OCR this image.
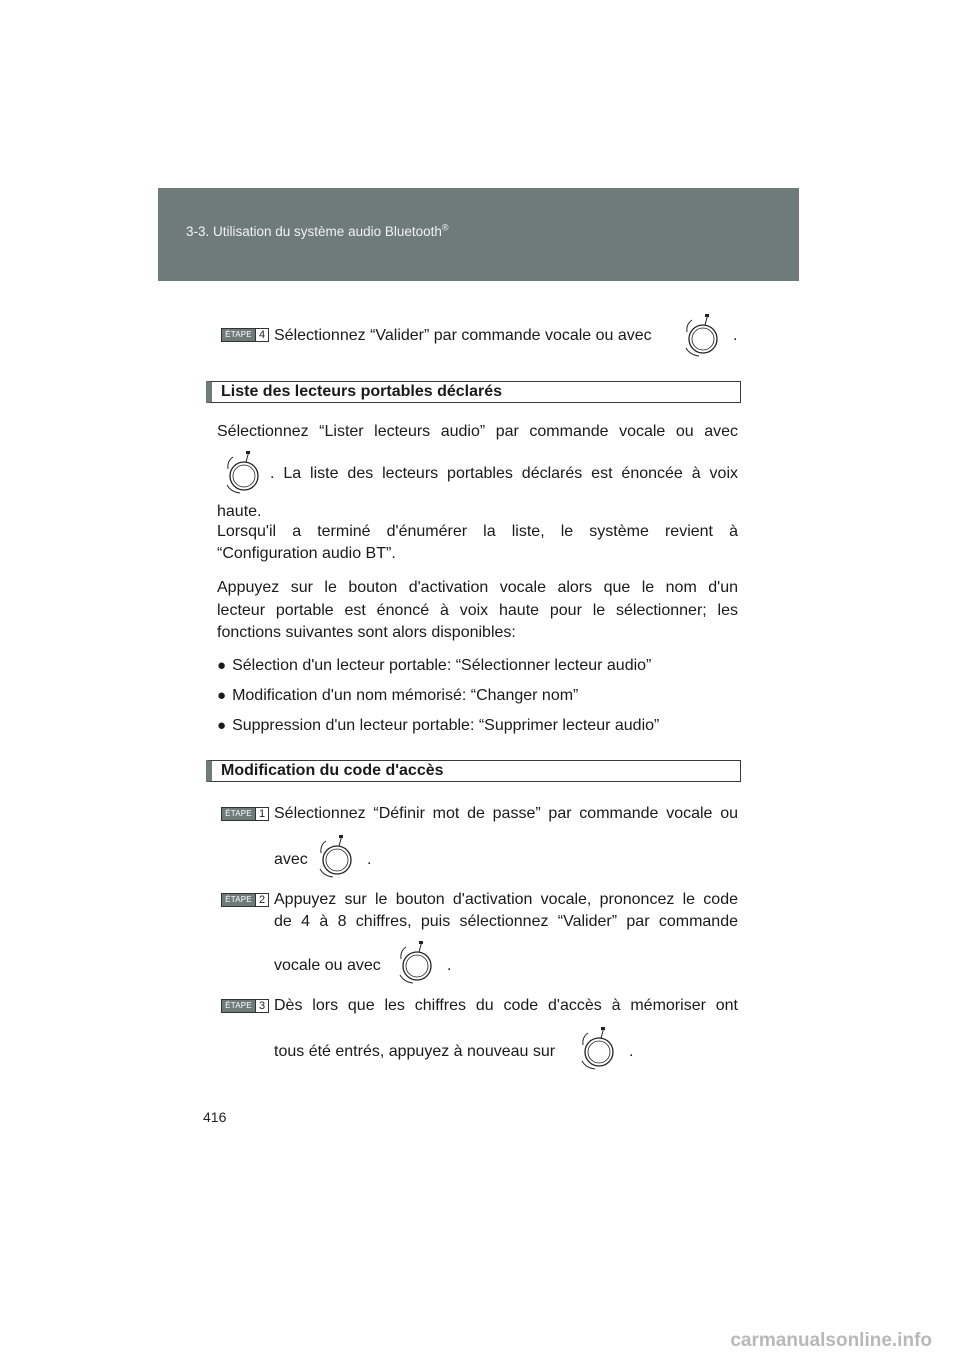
3-3. Utilisation du système audio Bluetooth®
ÉTAPE 4 Sélectionnez “Valider” par commande vocale ou avec	.
Liste des lecteurs portables déclarés
Sélectionnez “Lister lecteurs audio” par commande vocale ou avec
. La liste des lecteurs portables déclarés est énoncée à voix
haute.
Lorsqu'il a terminé d'énumérer la liste, le système revient à
“Configuration audio BT”.
Appuyez sur le bouton d'activation vocale alors que le nom d'un
lecteur portable est énoncé à voix haute pour le sélectionner; les
fonctions suivantes sont alors disponibles:
● Sélection d'un lecteur portable: “Sélectionner lecteur audio”
● Modification d'un nom mémorisé: “Changer nom”
● Suppression d'un lecteur portable: “Supprimer lecteur audio”
Modification du code d'accès
ÉTAPE 1 Sélectionnez “Définir mot de passe” par commande vocale ou
avec	.
ÉTAPE 2 Appuyez sur le bouton d'activation vocale, prononcez le code
de 4 à 8 chiffres, puis sélectionnez “Valider” par commande
vocale ou avec	.
ÉTAPE 3 Dès lors que les chiffres du code d'accès à mémoriser ont
tous été entrés, appuyez à nouveau sur	.
416
carmanualsonline.info
